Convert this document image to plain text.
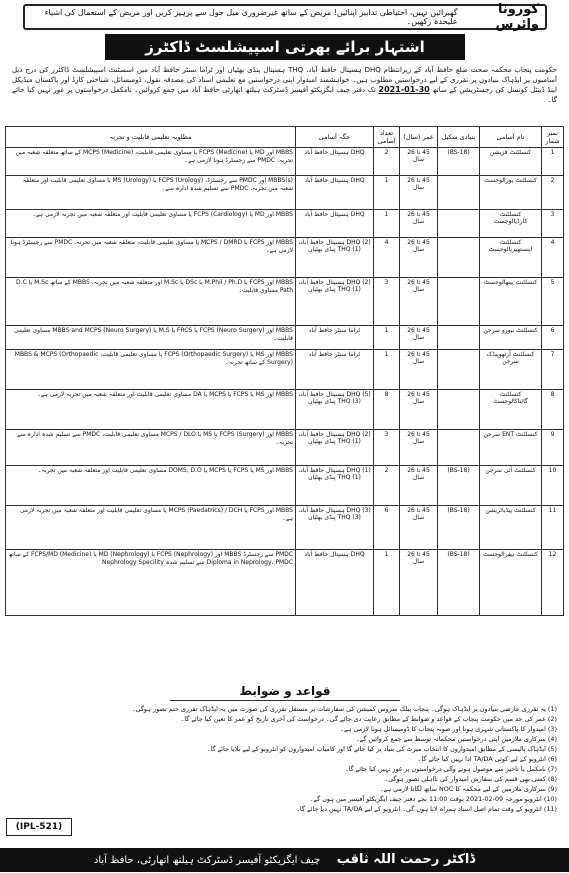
کورونا وائرس
گھبرائیں نہیں، احتیاطی تدابیر اپنائیں! مریض کے ساتھ غیرضروری میل جول سے پرہیز کریں اور مریض کے استعمال کی اشیاء علیحدہ رکھیں۔
اشتہار برائے بھرتی اسپیشلسٹ ڈاکٹرز
حکومت پنجاب محکمہ صحت ضلع حافظ آباد کے زیرانتظام DHQ ہسپتال حافظ آباد، THQ ہسپتال پنڈی بھٹیاں اور ٹراما سنٹر حافظ آباد میں اسسٹنٹ اسپیشلسٹ ڈاکٹرز کی درج ذیل آسامیوں پر ایڈہاک بنیادوں پر تقرری کے لیے درخواستیں مطلوب ہیں۔ خواہشمند امیدوار اپنی درخواستیں مع تعلیمی اسناد کی مصدقہ نقول، ڈومیسائل، شناختی کارڈ اور پاکستان میڈیکل اینڈ ڈینٹل کونسل کی رجسٹریشن کے ساتھ 30-01-2021 تک دفتر چیف ایگزیکٹو آفیسر ڈسٹرکٹ ہیلتھ اتھارٹی حافظ آباد میں جمع کروائیں۔ نامکمل درخواستوں پر غور نہیں کیا جائے گا۔
نمبر شمار	نام آسامی	بنیادی سکیل	عمر (سال)	تعداد آسامی	جگہ آسامی	مطلوبہ تعلیمی قابلیت و تجربہ
1	کنسلٹنٹ فزیشن	(BS-18)	45 تا 26 سال	2	DHQ ہسپتال حافظ آباد	MBBS اور MD یا FCPS (Medicine) یا مساوی تعلیمی قابلیت، MCPS (Medicine) کے ساتھ متعلقہ شعبہ میں تجربہ، PMDC سے رجسٹرڈ ہونا لازمی ہے۔
2	کنسلٹنٹ یورالوجسٹ		45 تا 26 سال	1	DHQ ہسپتال حافظ آباد	MBBS(s) اور PMDC سے رجسٹرڈ، FCPS (Urology) یا MS (Urology) یا مساوی تعلیمی قابلیت اور متعلقہ شعبہ میں تجربہ، PMDC سے تسلیم شدہ ادارہ سے۔
3	کنسلٹنٹ کارڈیالوجسٹ		45 تا 26 سال	1	DHQ ہسپتال حافظ آباد	MBBS اور MD یا FCPS (Cardiology) یا مساوی تعلیمی قابلیت اور متعلقہ شعبہ میں تجربہ لازمی ہے۔
4	کنسلٹنٹ اینستھیزیالوجسٹ		45 تا 26 سال	4	DHQ (2) ہسپتال حافظ آباد، THQ (1) پنڈی بھٹیاں	MBBS اور FCPS یا MCPS / DMRD یا مساوی تعلیمی قابلیت، متعلقہ شعبہ میں تجربہ، PMDC سے رجسٹرڈ ہونا لازمی ہے۔
5	کنسلٹنٹ پیتھالوجسٹ		45 تا 26 سال	3	DHQ (2) ہسپتال حافظ آباد، THQ (1) پنڈی بھٹیاں	MBBS اور FCPS یا M.Phil / Ph.D یا DSc یا M.Sc اور متعلقہ شعبہ میں تجربہ، MBBS کے ساتھ M.Sc یا D.C Path مساوی قابلیت۔
6	کنسلٹنٹ نیورو سرجن		45 تا 26 سال	1	ٹراما سنٹر حافظ آباد	MBBS اور FCPS (Neuro Surgery) یا FRCS یا M.S یا MBBS and MCPS (Neuro Surgery) مساوی تعلیمی قابلیت۔
7	کنسلٹنٹ آرتھوپیڈک سرجن		45 تا 26 سال	1	ٹراما سنٹر حافظ آباد	MBBS اور MS یا FCPS (Orthopaedic Surgery) یا مساوی تعلیمی قابلیت، MBBS & MCPS (Orthopaedic Surgery) کے ساتھ تجربہ۔
8	کنسلٹنٹ گائناکالوجسٹ		45 تا 26 سال	8	DHQ (5) ہسپتال حافظ آباد، THQ (3) پنڈی بھٹیاں	MBBS اور MS یا FCPS یا MCPS یا DA مساوی تعلیمی قابلیت اور متعلقہ شعبہ میں تجربہ لازمی ہے۔
9	کنسلٹنٹ ENT سرجن		45 تا 26 سال	3	DHQ (2) ہسپتال حافظ آباد، THQ (1) پنڈی بھٹیاں	MBBS اور FCPS (Surgery) یا MS یا MCPS / DLO مساوی تعلیمی قابلیت، PMDC سے تسلیم شدہ ادارہ سے تجربہ۔
10	کنسلٹنٹ آئی سرجن	(BS-18)	45 تا 26 سال	2	DHQ (1) ہسپتال حافظ آباد، THQ (1) پنڈی بھٹیاں	MBBS اور MS یا FCPS یا MCPS یا DOMS, D.O مساوی تعلیمی قابلیت اور متعلقہ شعبہ میں تجربہ۔
11	کنسلٹنٹ پیڈیاٹریشن	(BS-18)	45 تا 26 سال	6	DHQ (3) ہسپتال حافظ آباد، THQ (3) پنڈی بھٹیاں	MBBS اور FCPS یا MCPS (Paedatrics) / DCH یا مساوی تعلیمی قابلیت اور متعلقہ شعبہ میں تجربہ لازمی ہے۔
12	کنسلٹنٹ نیفرالوجسٹ	(BS-18)	45 تا 26 سال	1	DHQ ہسپتال حافظ آباد	PMDC سے رجسٹرڈ MBBS اور FCPS (Nephrology) یا MD (Nephrology) یا FCPS/MD (Medicine) کے ساتھ Diploma in Neprology، PMDC سے تسلیم شدہ Nephrology Specility
قواعد و ضوابط
(1) یہ تقرری عارضی بنیادوں پر ایڈہاک ہوگی۔ پنجاب پبلک سروس کمیشن کی سفارشات پر مستقل تقرری کی صورت میں یہ ایڈہاک تقرری ختم تصور ہوگی۔
(2) عمر کی حد میں حکومت پنجاب کے قواعد و ضوابط کے مطابق رعایت دی جائے گی۔ درخواست کی آخری تاریخ کو عمر کا تعین کیا جائے گا۔
(3) امیدوار کا پاکستانی شہری ہونا اور صوبہ پنجاب کا ڈومیسائل ہونا لازمی ہے۔
(4) سرکاری ملازمین اپنی درخواستیں محکمانہ توسط سے جمع کروائیں گے۔
(5) ایڈہاک پالیسی کے مطابق امیدواروں کا انتخاب میرٹ کی بنیاد پر کیا جائے گا اور کامیاب امیدواروں کو انٹرویو کے لیے بلایا جائے گا۔
(6) انٹرویو کے لیے کوئی TA/DA ادا نہیں کیا جائے گا۔
(7) نامکمل یا تاخیر سے موصول ہونے والی درخواستوں پر غور نہیں کیا جائے گا۔
(8) کسی بھی قسم کی سفارش امیدوار کی نااہلی تصور ہوگی۔
(9) سرکاری ملازمین کے لیے محکمہ کا NOC ساتھ لگانا لازمی ہے۔
(10) انٹرویو مورخہ 09-02-2021 بوقت 11:00 بجے دفتر چیف ایگزیکٹو آفیسر میں ہوں گے۔
(11) انٹرویو کے وقت تمام اصل اسناد ہمراہ لانا ہوں گی۔ انٹرویو کے لیے TA/DA نہیں دیا جائے گا۔
(IPL-521)
ڈاکٹر رحمت اللہ ثاقب چیف ایگزیکٹو آفیسر ڈسٹرکٹ ہیلتھ اتھارٹی، حافظ آباد
